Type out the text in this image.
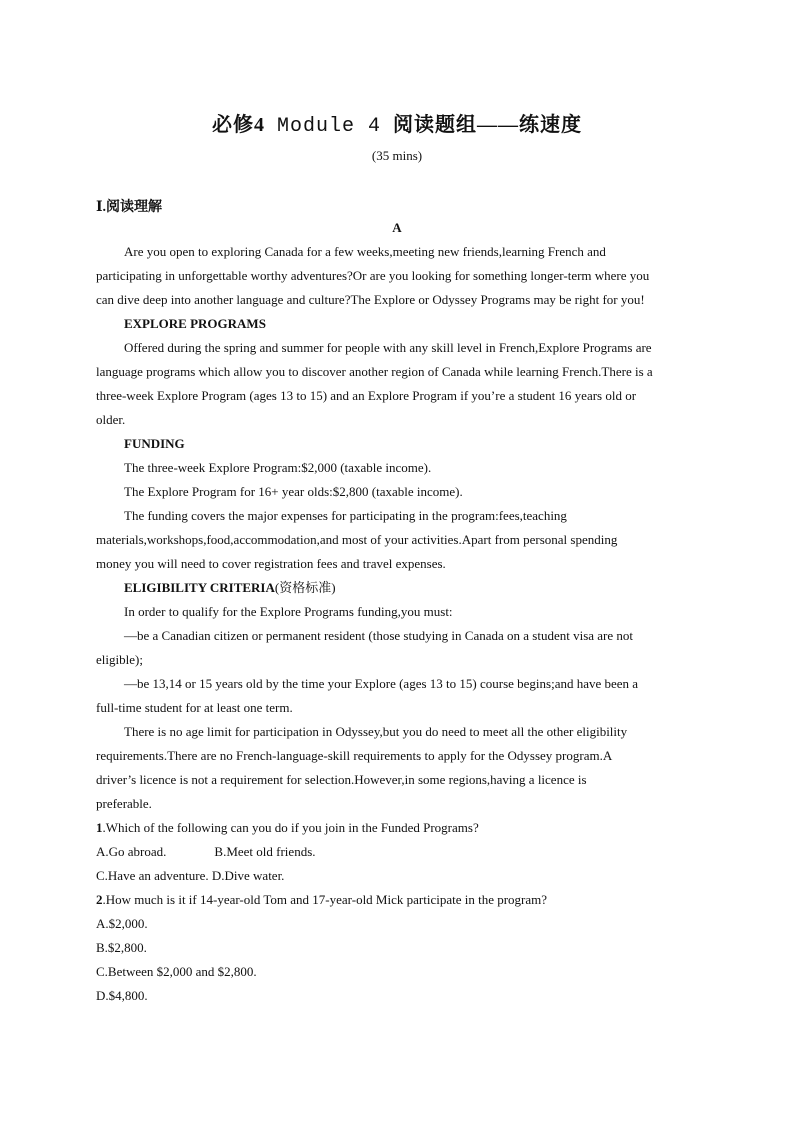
必修4 Module 4 阅读题组——练速度
(35 mins)
Ⅰ.阅读理解
A
Are you open to exploring Canada for a few weeks,meeting new friends,learning French and
participating in unforgettable worthy adventures?Or are you looking for something longer-term where you
can dive deep into another language and culture?The Explore or Odyssey Programs may be right for you!
EXPLORE PROGRAMS
Offered during the spring and summer for people with any skill level in French,Explore Programs are
language programs which allow you to discover another region of Canada while learning French.There is a
three-week Explore Program (ages 13 to 15) and an Explore Program if you’re a student 16 years old or
older.
FUNDING
The three-week Explore Program:$2,000 (taxable income).
The Explore Program for 16+ year olds:$2,800 (taxable income).
The funding covers the major expenses for participating in the program:fees,teaching
materials,workshops,food,accommodation,and most of your activities.Apart from personal spending
money you will need to cover registration fees and travel expenses.
ELIGIBILITY CRITERIA(资格标准)
In order to qualify for the Explore Programs funding,you must:
—be a Canadian citizen or permanent resident (those studying in Canada on a student visa are not
eligible);
—be 13,14 or 15 years old by the time your Explore (ages 13 to 15) course begins;and have been a
full-time student for at least one term.
There is no age limit for participation in Odyssey,but you do need to meet all the other eligibility
requirements.There are no French-language-skill requirements to apply for the Odyssey program.A
driver’s licence is not a requirement for selection.However,in some regions,having a licence is
preferable.
1.Which of the following can you do if you join in the Funded Programs?
A.Go abroad.	B.Meet old friends.
C.Have an adventure. D.Dive water.
2.How much is it if 14-year-old Tom and 17-year-old Mick participate in the program?
A.$2,000.
B.$2,800.
C.Between $2,000 and $2,800.
D.$4,800.
